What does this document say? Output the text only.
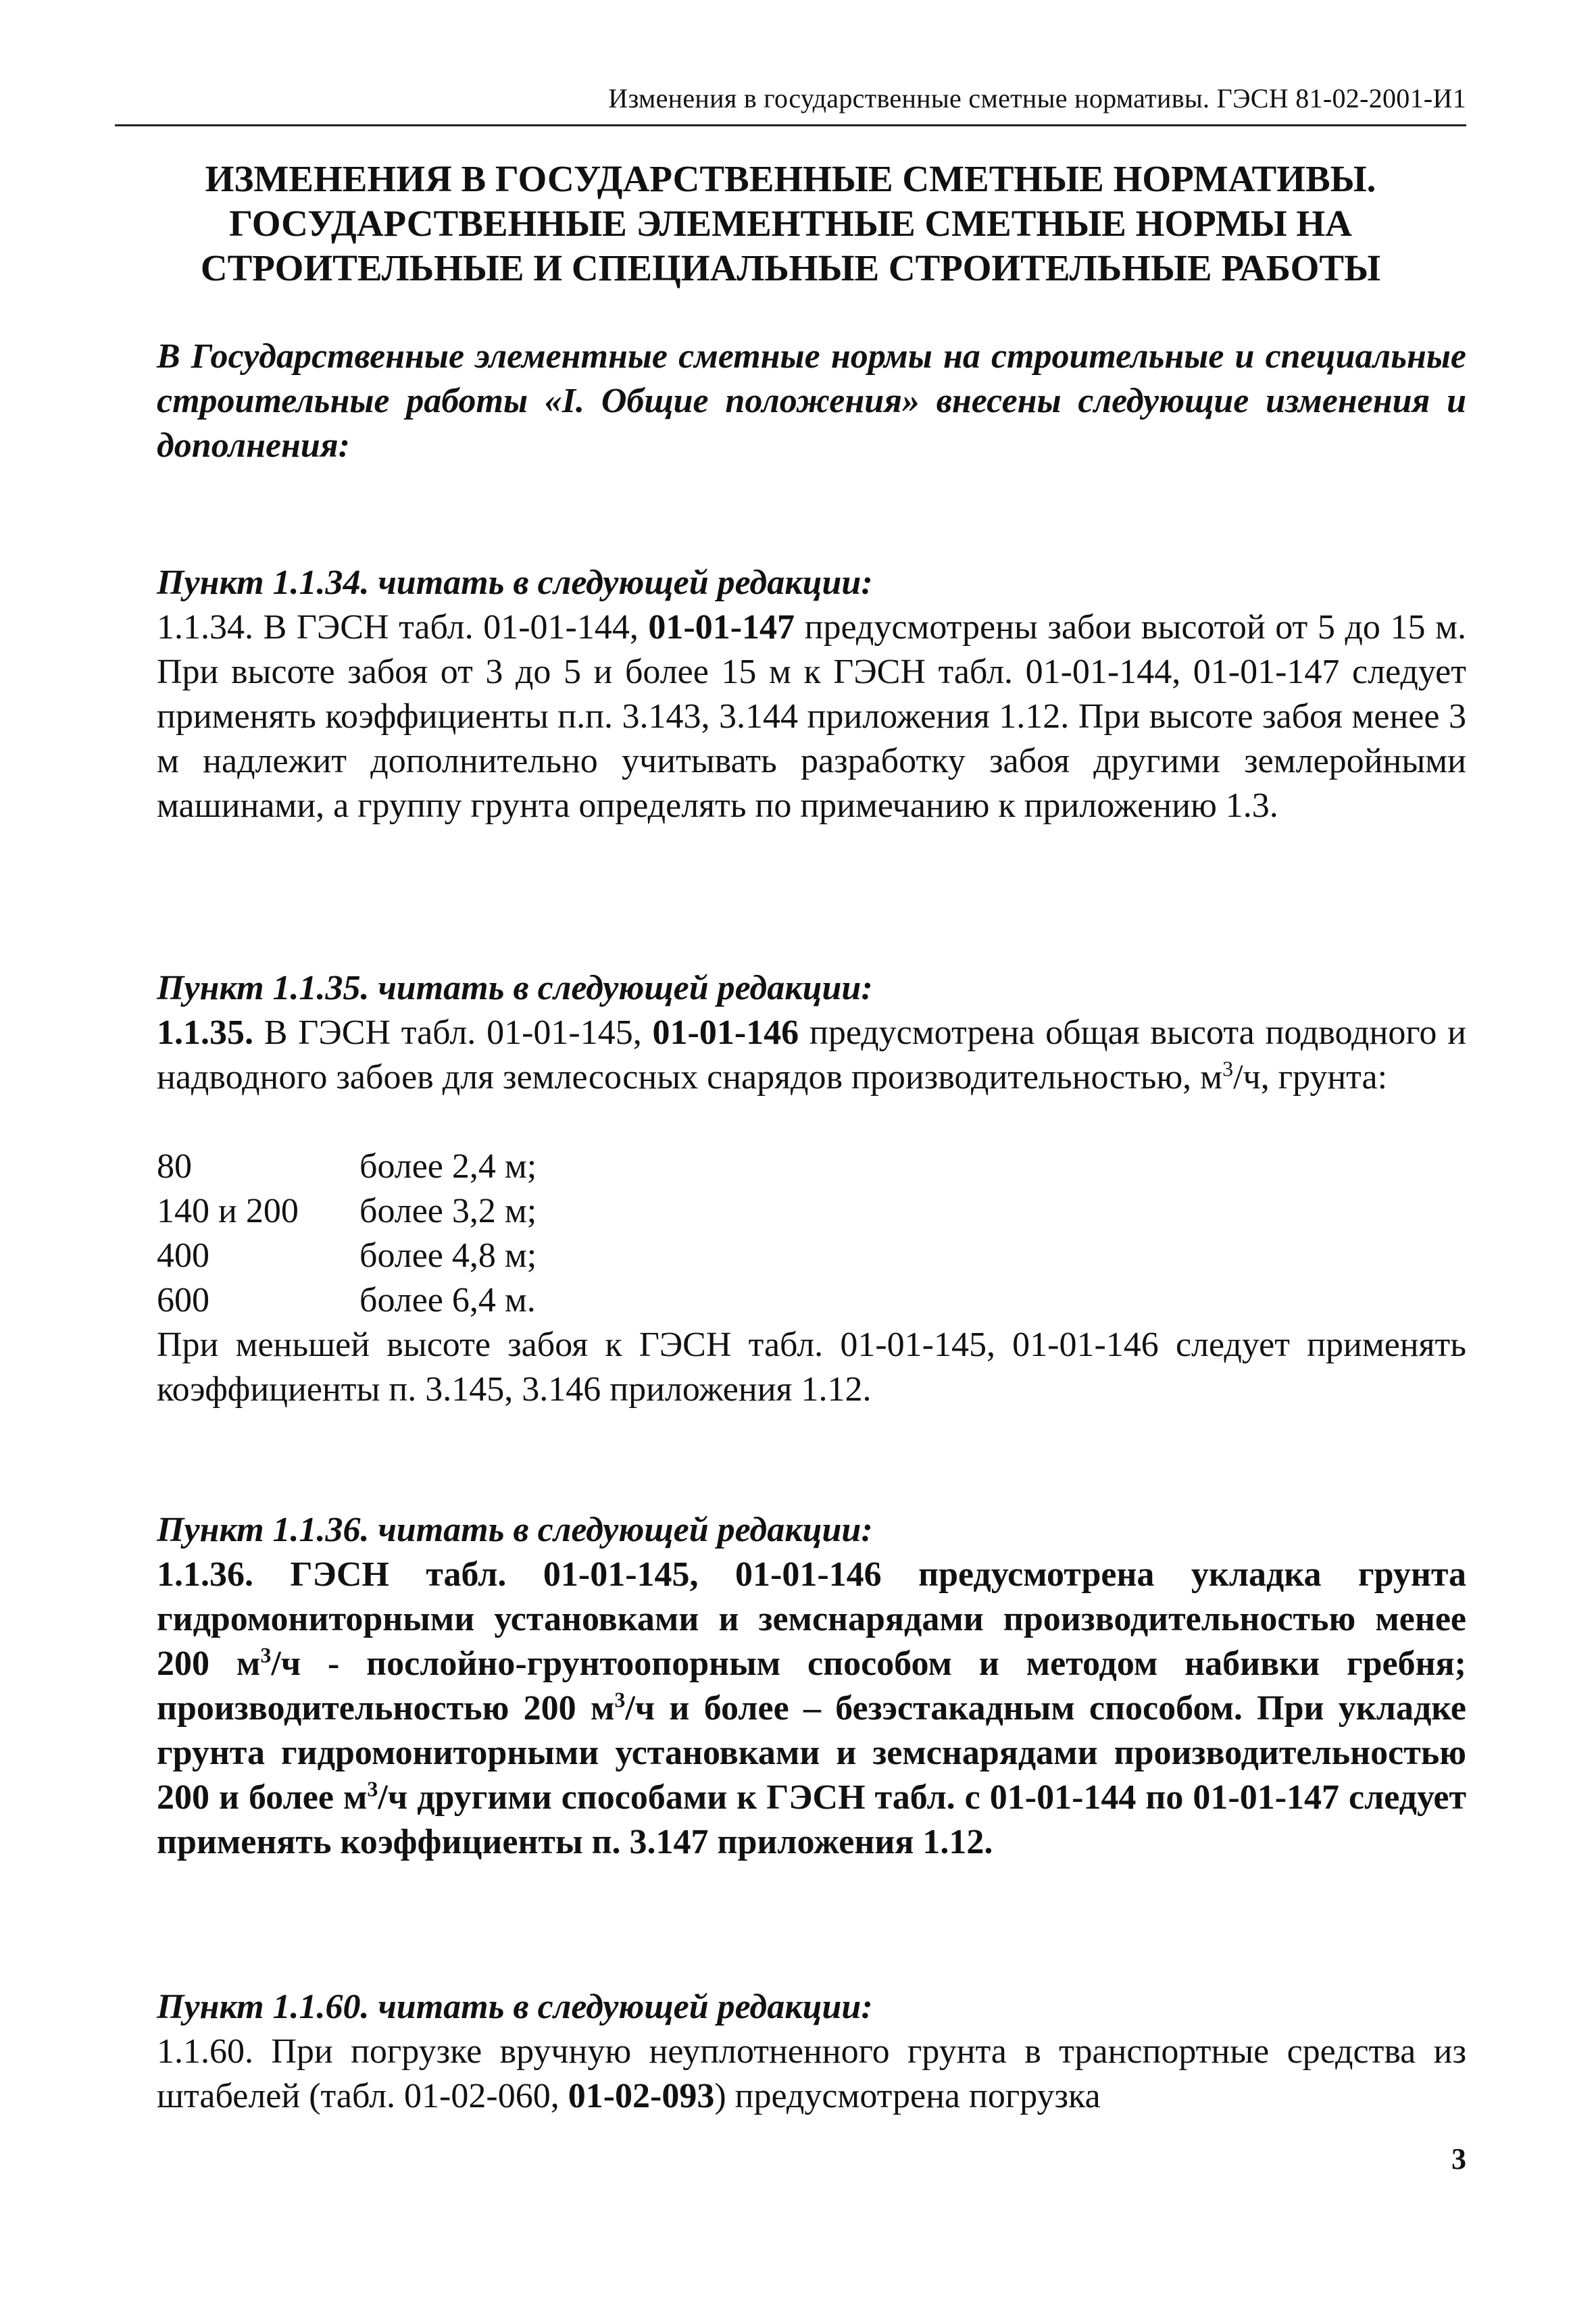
Изменения в государственные сметные нормативы. ГЭСН 81-02-2001-И1
ИЗМЕНЕНИЯ В ГОСУДАРСТВЕННЫЕ СМЕТНЫЕ НОРМАТИВЫ.
ГОСУДАРСТВЕННЫЕ ЭЛЕМЕНТНЫЕ СМЕТНЫЕ НОРМЫ НА
СТРОИТЕЛЬНЫЕ И СПЕЦИАЛЬНЫЕ СТРОИТЕЛЬНЫЕ РАБОТЫ
В Государственные элементные сметные нормы на строительные и специальные строительные работы «I. Общие положения» внесены следующие изменения и дополнения:
Пункт 1.1.34. читать в следующей редакции:
1.1.34. В ГЭСН табл. 01-01-144, 01-01-147 предусмотрены забои высотой от 5 до 15 м. При высоте забоя от 3 до 5 и более 15 м к ГЭСН табл. 01-01-144, 01-01-147 следует применять коэффициенты п.п. 3.143, 3.144 приложения 1.12. При высоте забоя менее 3 м надлежит дополнительно учитывать разработку забоя другими землеройными машинами, а группу грунта определять по примечанию к приложению 1.3.
Пункт 1.1.35. читать в следующей редакции:
1.1.35. В ГЭСН табл. 01-01-145, 01-01-146 предусмотрена общая высота подводного и надводного забоев для землесосных снарядов производительностью, $м^3/ч$, грунта:
80	более 2,4 м;
140 и 200	более 3,2 м;
400	более 4,8 м;
600	более 6,4 м.
При меньшей высоте забоя к ГЭСН табл. 01-01-145, 01-01-146 следует применять коэффициенты п. 3.145, 3.146 приложения 1.12.
Пункт 1.1.36. читать в следующей редакции:
1.1.36. ГЭСН табл. 01-01-145, 01-01-146 предусмотрена укладка грунта гидромониторными установками и земснарядами производительностью менее 200 $м^3/ч$ - послойно-грунтоопорным способом и методом набивки гребня; производительностью 200 $м^3/ч$ и более – безэстакадным способом. При укладке грунта гидромониторными установками и земснарядами производительностью 200 и более $м^3/ч$ другими способами к ГЭСН табл. с 01-01-144 по 01-01-147 следует применять коэффициенты п. 3.147 приложения 1.12.
Пункт 1.1.60. читать в следующей редакции:
1.1.60. При погрузке вручную неуплотненного грунта в транспортные средства из штабелей (табл. 01-02-060, 01-02-093) предусмотрена погрузка
3
